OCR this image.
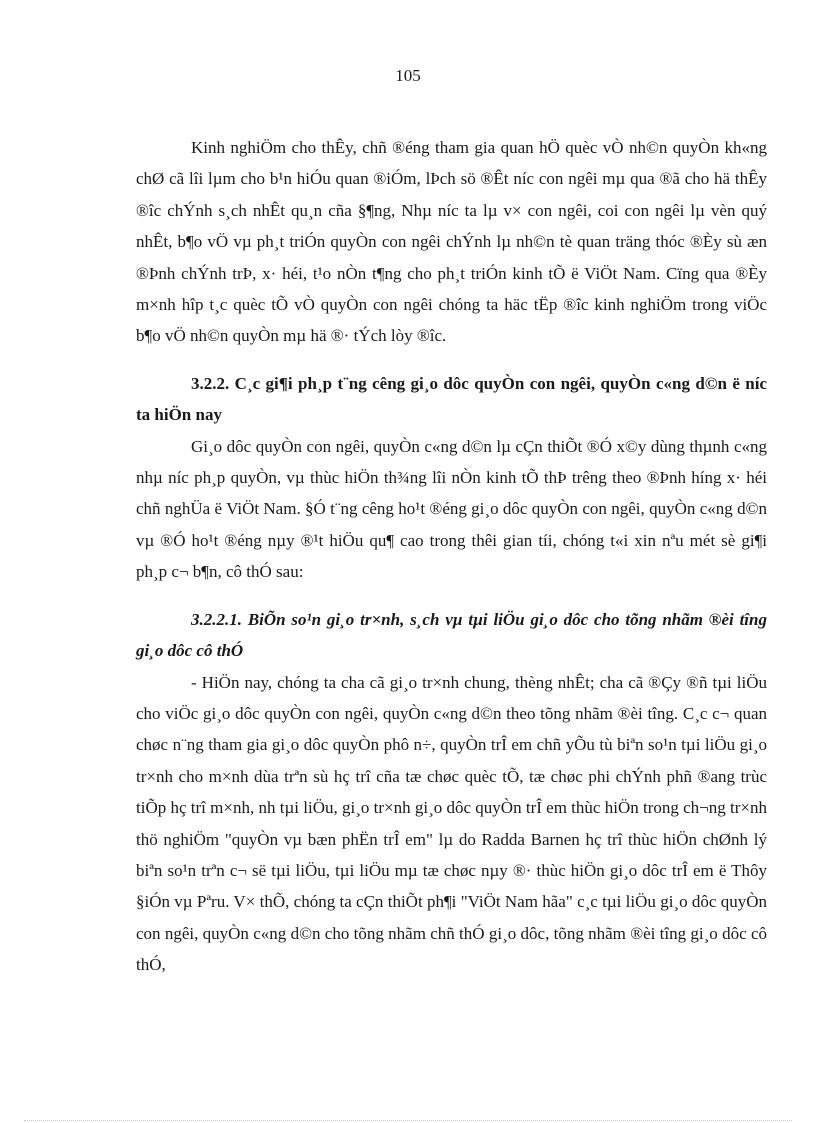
105

Kinh nghiÖm cho thÊy, chñ ®éng tham gia quan hÖ quèc vÒ nh©n quyÒn kh«ng chØ cã lîi lµm cho b¹n hiÓu quan ®iÓm, lÞch sö ®Êt níc con ngêi mµ qua ®ã cho hä thÊy ®îc chÝnh s¸ch nhÊt qu¸n cña §¶ng, Nhµ níc ta lµ v× con ngêi, coi con ngêi lµ vèn quý nhÊt, b¶o vÖ vµ ph¸t triÓn quyÒn con ngêi chÝnh lµ nh©n tè quan träng thóc ®Èy sù æn ®Þnh chÝnh trÞ, x· héi, t¹o nÒn t¶ng cho ph¸t triÓn kinh tÕ ë ViÖt Nam. Cïng qua ®Èy m×nh hîp t¸c quèc tÕ vÒ quyÒn con ngêi chóng ta häc tËp ®îc kinh nghiÖm trong viÖc b¶o vÖ nh©n quyÒn mµ hä ®· tÝch lòy ®îc.

3.2.2. C¸c gi¶i ph¸p t¨ng cêng gi¸o dôc quyÒn con ngêi, quyÒn c«ng d©n ë níc ta hiÖn nay

Gi¸o dôc quyÒn con ngêi, quyÒn c«ng d©n lµ cÇn thiÕt ®Ó x©y dùng thµnh c«ng nhµ níc ph¸p quyÒn, vµ thùc hiÖn th¾ng lîi nÒn kinh tÕ thÞ trêng theo ®Þnh híng x· héi chñ nghÜa ë ViÖt Nam. §Ó t¨ng cêng ho¹t ®éng gi¸o dôc quyÒn con ngêi, quyÒn c«ng d©n vµ ®Ó ho¹t ®éng nµy ®¹t hiÖu qu¶ cao trong thêi gian tíi, chóng t«i xin nªu mét sè gi¶i ph¸p c¬ b¶n, cô thÓ sau:

3.2.2.1. BiÕn so¹n gi¸o tr×nh, s¸ch vµ tµi liÖu gi¸o dôc cho tõng nhãm ®èi tîng gi¸o dôc cô thÓ

- HiÖn nay, chóng ta cha cã gi¸o tr×nh chung, thèng nhÊt; cha cã ®Çy ®ñ tµi liÖu cho viÖc gi¸o dôc quyÒn con ngêi, quyÒn c«ng d©n theo tõng nhãm ®èi tîng. C¸c c¬ quan chøc n¨ng tham gia gi¸o dôc quyÒn phô n÷, quyÒn trÎ em chñ yÕu tù biªn so¹n tµi liÖu gi¸o tr×nh cho m×nh dùa trªn sù hç trî cña tæ chøc quèc tÕ, tæ chøc phi chÝnh phñ ®ang trùc tiÕp hç trî m×nh, nh tµi liÖu, gi¸o tr×nh gi¸o dôc quyÒn trÎ em thùc hiÖn trong ch¬ng tr×nh thö nghiÖm "quyÒn vµ bæn phËn trÎ em" lµ do Radda Barnen hç trî thùc hiÖn chØnh lý biªn so¹n trªn c¬ së tµi liÖu, tµi liÖu mµ tæ chøc nµy ®· thùc hiÖn gi¸o dôc trÎ em ë Thôy §iÓn vµ Pªru. V× thÕ, chóng ta cÇn thiÕt ph¶i "ViÖt Nam hãa" c¸c tµi liÖu gi¸o dôc quyÒn con ngêi, quyÒn c«ng d©n cho tõng nhãm chñ thÓ gi¸o dôc, tõng nhãm ®èi tîng gi¸o dôc cô thÓ,
